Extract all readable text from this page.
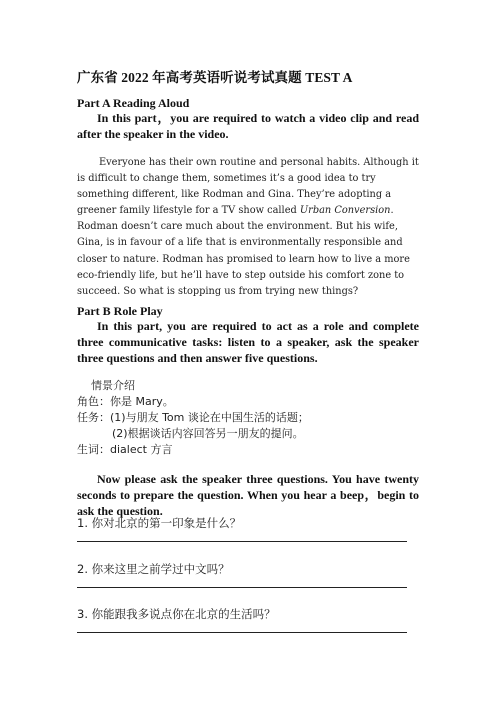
广东省 2022 年高考英语听说考试真题 TEST A
Part A Reading Aloud
In this part，you are required to watch a video clip and read after the speaker in the video.
Everyone has their own routine and personal habits. Although it
is difficult to change them, sometimes it’s a good idea to try
something different, like Rodman and Gina. They’re adopting a
greener family lifestyle for a TV show called Urban Conversion.
Rodman doesn’t care much about the environment. But his wife,
Gina, is in favour of a life that is environmentally responsible and
closer to nature. Rodman has promised to learn how to live a more
eco-friendly life, but he’ll have to step outside his comfort zone to
succeed. So what is stopping us from trying new things?
Part B Role Play
In this part, you are required to act as a role and complete three communicative tasks: listen to a speaker, ask the speaker three questions and then answer five questions.
情景介绍
角色：你是 Mary。
任务：(1)与朋友 Tom 谈论在中国生活的话题；
(2)根据谈话内容回答另一朋友的提问。
生词：dialect 方言
Now please ask the speaker three questions. You have twenty seconds to prepare the question. When you hear a beep，begin to ask the question.
1. 你对北京的第一印象是什么？
2. 你来这里之前学过中文吗？
3. 你能跟我多说点你在北京的生活吗？
